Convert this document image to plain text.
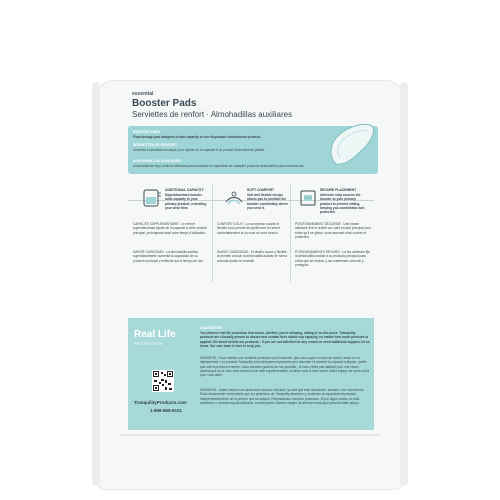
essential
Booster Pads
Serviettes de renfort · Almohadillas auxiliares
BOOSTER PADS
Flow-through pad designed to add capacity to one disposable incontinence product.
SERVIETTES DE RENFORT
Serviette à écoulement conçue pour ajouter de la capacité à un produit d'incontinence jetable.
ALMOHADILLAS AUXILIARES
Almohadilla de flujo continuo diseñada para aumentar la capacidad de cualquier producto desechable para incontinencia.
ADDITIONAL CAPACITY
Superabsorbent booster adds capacity to your primary product, extending your wear time.
SOFT COMFORT
Soft and flexible design allows you to position the booster comfortably where you need it.
SECURE PLACEMENT
Adhesive strip secures the booster to your primary product to prevent sliding, keeping you comfortable and protected.
CAPACITÉ SUPPLÉMENTAIRE : Le renfort superabsorbant ajoute de la capacité à votre produit principal, prolongeant ainsi votre temps d'utilisation.
MAYOR CAPACIDAD : La almohadilla auxiliar superabsorbente aumenta la capacidad de su producto principal y extiende así el tiempo de uso.
CONFORT DOUX : La conception souple et flexible vous permet de positionner le renfort confortablement là où vous en avez besoin.
SUAVE COMODIDAD : El diseño suave y flexible le permite colocar la almohadilla auxiliar de forma cómoda donde la necesite.
POSITIONNEMENT SÉCURISÉ : Une bande adhésive fixe le renfort sur votre produit principal pour éviter qu'il ne glisse, vous assurant ainsi confort et protection.
POSICIONAMIENTO SEGURO : La tira adhesiva fija la almohadilla auxiliar a su producto principal para evitar que se mueva, y así mantenerlo cómodo y protegido.
Real Life
PROTECTION
TranquilityProducts.com
1-866-865-6101
GUARANTEE
You deserve real life protection that works, whether you're sleeping, sitting or on-the-move. Tranquility products are clinically proven to absorb and contain their stated cup capacity, no matter how much pressure is applied. We stand behind our products - if you are not satisfied for any reason or need additional support, let us know. Our care team is here to help you.
GARANTIE : Vous méritez une véritable protection qui fonctionne, que vous soyez en train de dormir, assis ou en déplacement. Les produits Tranquility sont cliniquement prouvés pour absorber et contenir la capacité indiquée, quelle que soit la pression exercée. Nous sommes garants de nos produits - si vous n'êtes pas satisfait pour une raison quelconque ou si vous avez besoin d'une aide supplémentaire, veuillez nous le faire savoir. Notre équipe de soins est là pour vous aider.
GARANTÍA : Usted merece una protección real que funcione, ya sea que esté durmiendo, sentado o en movimiento. Está clínicamente comprobado que los productos de Tranquility absorben y contienen la capacidad expresada, independientemente de la presión que se aplique. Respaldamos nuestros productos. Si por algún motivo no está satisfecho o necesita ayuda adicional, comuníquese. Nuestro equipo de atención está aquí para brindarle apoyo.
